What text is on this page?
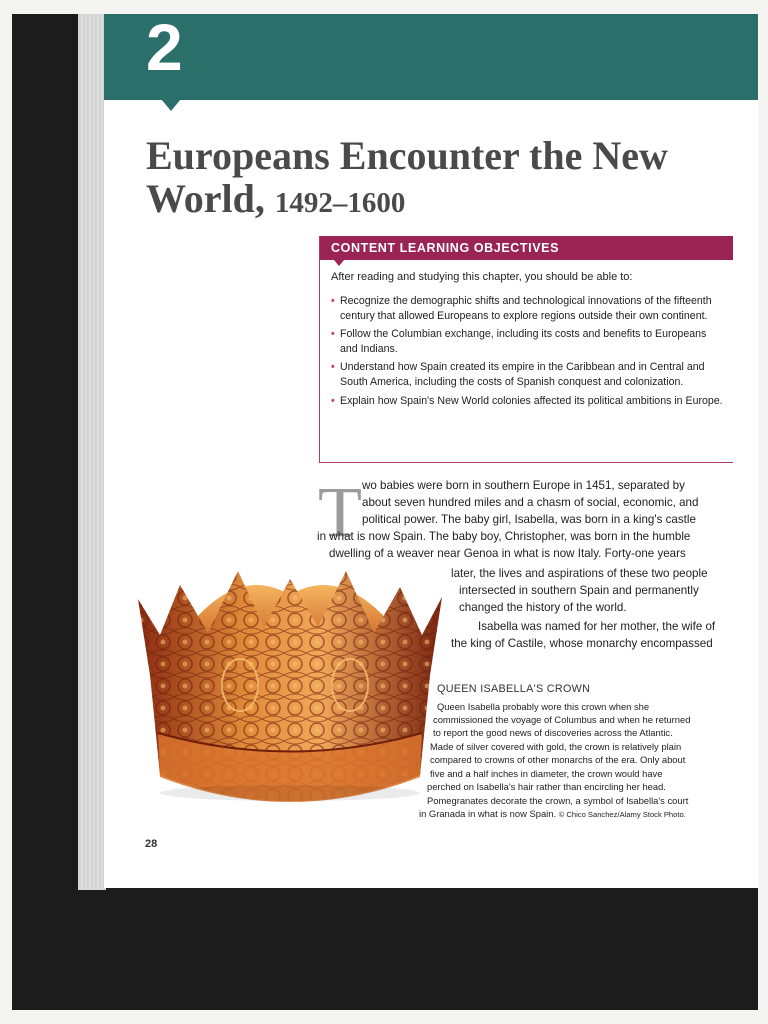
2
Europeans Encounter the New World, 1492–1600
CONTENT LEARNING OBJECTIVES
After reading and studying this chapter, you should be able to:
• Recognize the demographic shifts and technological innovations of the fifteenth century that allowed Europeans to explore regions outside their own continent.
• Follow the Columbian exchange, including its costs and benefits to Europeans and Indians.
• Understand how Spain created its empire in the Caribbean and in Central and South America, including the costs of Spanish conquest and colonization.
• Explain how Spain's New World colonies affected its political ambitions in Europe.
T wo babies were born in southern Europe in 1451, separated by
about seven hundred miles and a chasm of social, economic, and
political power. The baby girl, Isabella, was born in a king's castle
in what is now Spain. The baby boy, Christopher, was born in the humble
dwelling of a weaver near Genoa in what is now Italy. Forty-one years
later, the lives and aspirations of these two people
intersected in southern Spain and permanently
changed the history of the world.
Isabella was named for her mother, the wife of
the king of Castile, whose monarchy encompassed
QUEEN ISABELLA'S CROWN
Queen Isabella probably wore this crown when she
commissioned the voyage of Columbus and when he returned
to report the good news of discoveries across the Atlantic.
Made of silver covered with gold, the crown is relatively plain
compared to crowns of other monarchs of the era. Only about
five and a half inches in diameter, the crown would have
perched on Isabella's hair rather than encircling her head.
Pomegranates decorate the crown, a symbol of Isabella's court
in Granada in what is now Spain. © Chico Sanchez/Alamy Stock Photo.
28
